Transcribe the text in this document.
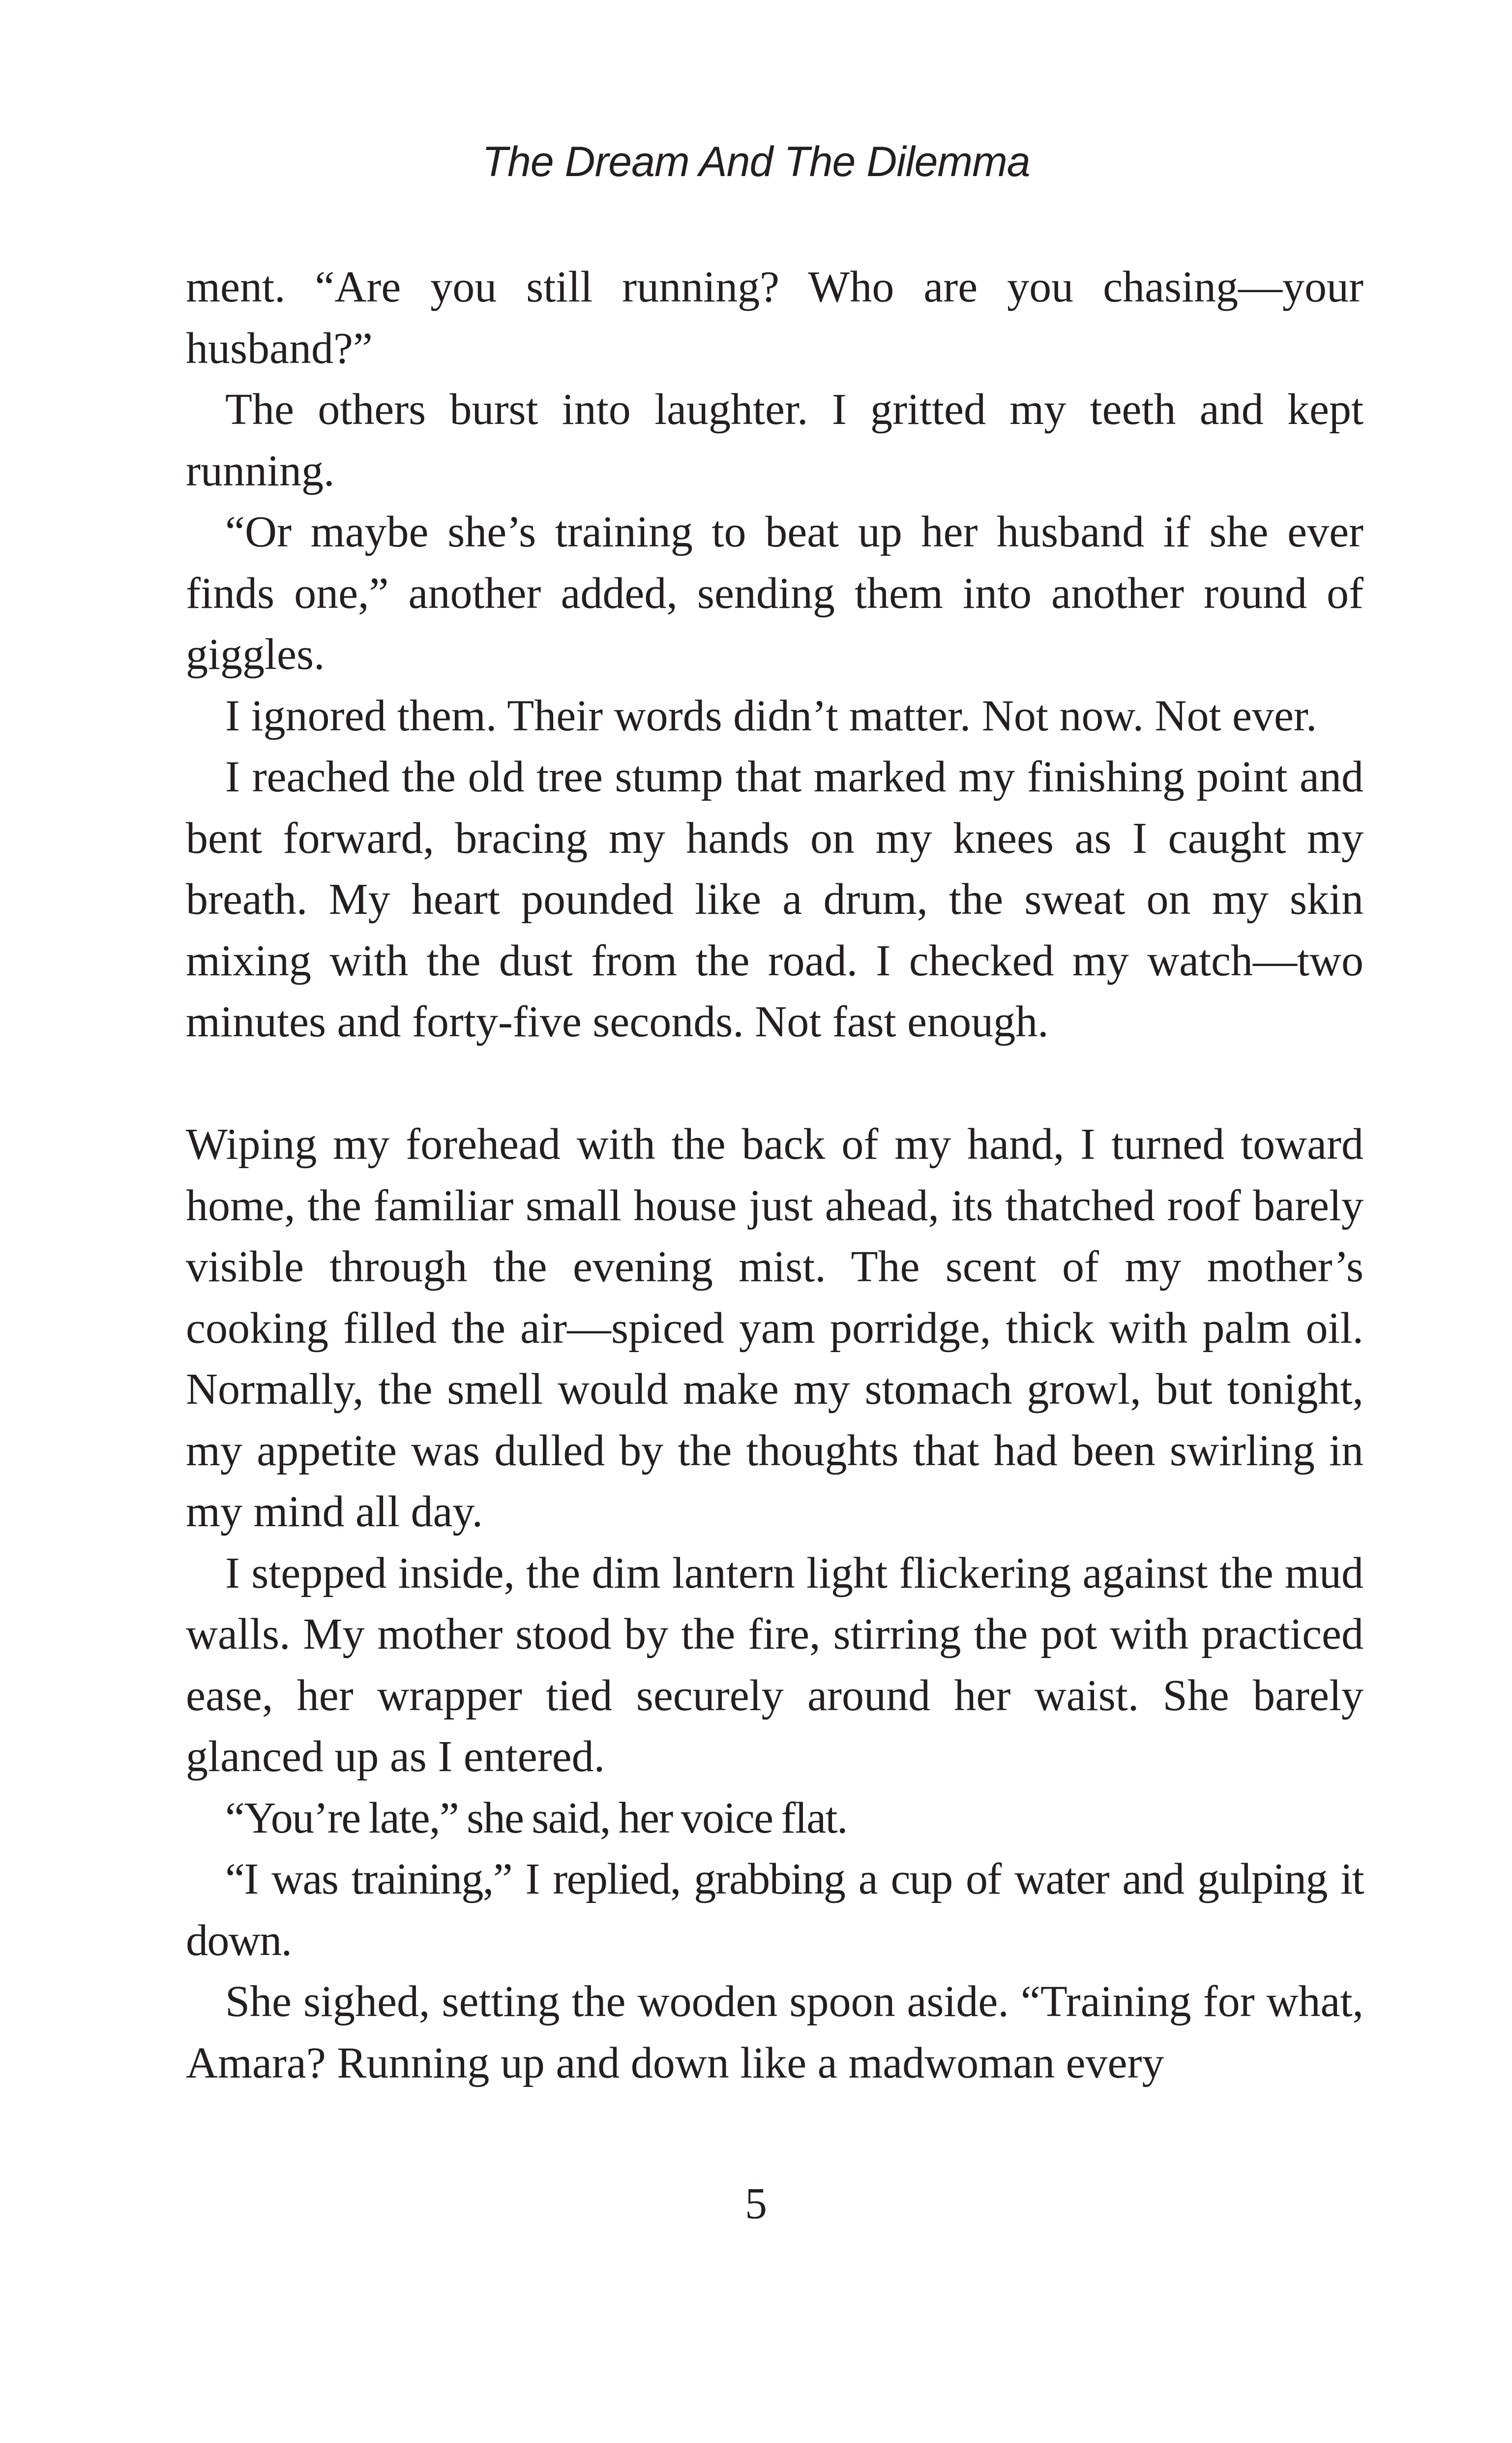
The Dream And The Dilemma

ment. “Are you still running? Who are you chasing—your husband?”

The others burst into laughter. I gritted my teeth and kept running.

“Or maybe she’s training to beat up her husband if she ever finds one,” another added, sending them into another round of giggles.

I ignored them. Their words didn’t matter. Not now. Not ever.

I reached the old tree stump that marked my finishing point and bent forward, bracing my hands on my knees as I caught my breath. My heart pounded like a drum, the sweat on my skin mixing with the dust from the road. I checked my watch—two minutes and forty-five seconds. Not fast enough.

Wiping my forehead with the back of my hand, I turned toward home, the familiar small house just ahead, its thatched roof barely visible through the evening mist. The scent of my mother’s cooking filled the air—spiced yam porridge, thick with palm oil. Normally, the smell would make my stomach growl, but tonight, my appetite was dulled by the thoughts that had been swirling in my mind all day.

I stepped inside, the dim lantern light flickering against the mud walls. My mother stood by the fire, stirring the pot with practiced ease, her wrapper tied securely around her waist. She barely glanced up as I entered.

“You’re late,” she said, her voice flat.

“I was training,” I replied, grabbing a cup of water and gulping it down.

She sighed, setting the wooden spoon aside. “Training for what, Amara? Running up and down like a madwoman every

5
